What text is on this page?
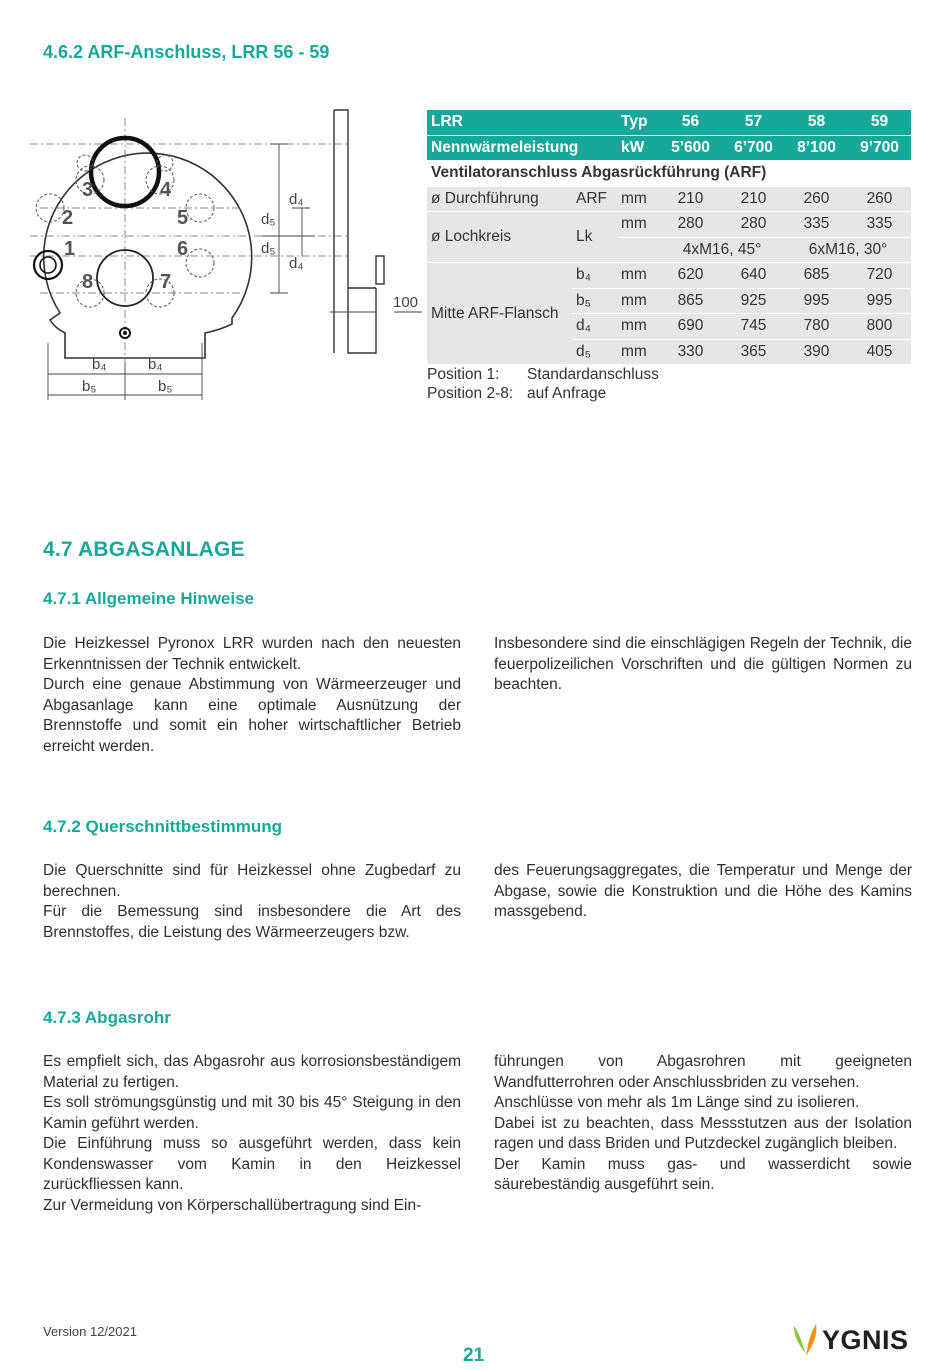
4.6.2 ARF-Anschluss, LRR 56 - 59
3	4
2	5
1	6
8	7
d₄
d₅
d₅
d₄
100
b₄	b₄
b₅	b₅
LRR		Typ	56	57	58	59
Nennwärmeleistung		kW	5’600	6’700	8’100	9’700
Ventilatoranschluss Abgasrückführung (ARF)						
ø Durchführung	ARF	mm	210	210	260	260
ø Lochkreis	Lk	mm	280	280	335	335
			4xM16, 45°		6xM16, 30°	
Mitte ARF-Flansch	b₄	mm	620	640	685	720
	b₅	mm	865	925	995	995
	d₄	mm	690	745	780	800
	d₅	mm	330	365	390	405
Position 1: Standardanschluss
Position 2-8: auf Anfrage
4.7 ABGASANLAGE
4.7.1 Allgemeine Hinweise

Die Heizkessel Pyronox LRR wurden nach den neuesten Erkenntnissen der Technik entwickelt.

Durch eine genaue Abstimmung von Wärmeerzeuger und Abgasanlage kann eine optimale Ausnützung der Brennstoffe und somit ein hoher wirtschaftlicher Betrieb erreicht werden.

Insbesondere sind die einschlägigen Regeln der Technik, die feuerpolizeilichen Vorschriften und die gültigen Normen zu beachten.

4.7.2 Querschnittbestimmung

Die Querschnitte sind für Heizkessel ohne Zugbedarf zu berechnen.

Für die Bemessung sind insbesondere die Art des Brennstoffes, die Leistung des Wärmeerzeugers bzw.

des Feuerungsaggregates, die Temperatur und Menge der Abgase, sowie die Konstruktion und die Höhe des Kamins massgebend.

4.7.3 Abgasrohr

Es empfielt sich, das Abgasrohr aus korrosionsbeständigem Material zu fertigen.

Es soll strömungsgünstig und mit 30 bis 45° Steigung in den Kamin geführt werden.

Die Einführung muss so ausgeführt werden, dass kein Kondenswasser vom Kamin in den Heizkessel zurückfliessen kann.

Zur Vermeidung von Körperschallübertragung sind Ein-

führungen von Abgasrohren mit geeigneten Wandfutterrohren oder Anschlussbriden zu versehen.

Anschlüsse von mehr als 1m Länge sind zu isolieren.

Dabei ist zu beachten, dass Messstutzen aus der Isolation ragen und dass Briden und Putzdeckel zugänglich bleiben.

Der Kamin muss gas- und wasserdicht sowie säurebeständig ausgeführt sein.

Version 12/2021
21
YGNIS
